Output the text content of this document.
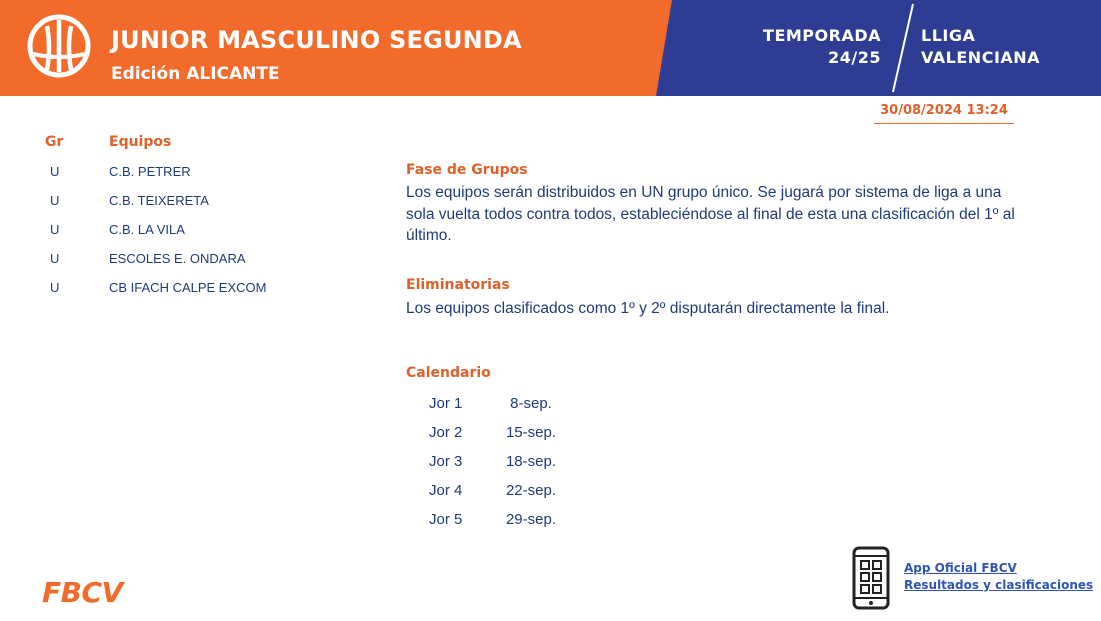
JUNIOR MASCULINO SEGUNDA
Edición ALICANTE
TEMPORADA
24/25
LLIGA
VALENCIANA
30/08/2024 13:24
Gr	Equipos
U	C.B. PETRER
U	C.B. TEIXERETA
U	C.B. LA VILA
U	ESCOLES E. ONDARA
U	CB IFACH CALPE EXCOM
Fase de Grupos
Los equipos serán distribuidos en UN grupo único. Se jugará por sistema de liga a una sola vuelta todos contra todos, estableciéndose al final de esta una clasificación del 1º al último.
Eliminatorias
Los equipos clasificados como 1º y 2º disputarán directamente la final.
Calendario
Jor 1	8-sep.
Jor 2	15-sep.
Jor 3	18-sep.
Jor 4	22-sep.
Jor 5	29-sep.
FBCV
App Oficial FBCV
Resultados y clasificaciones
